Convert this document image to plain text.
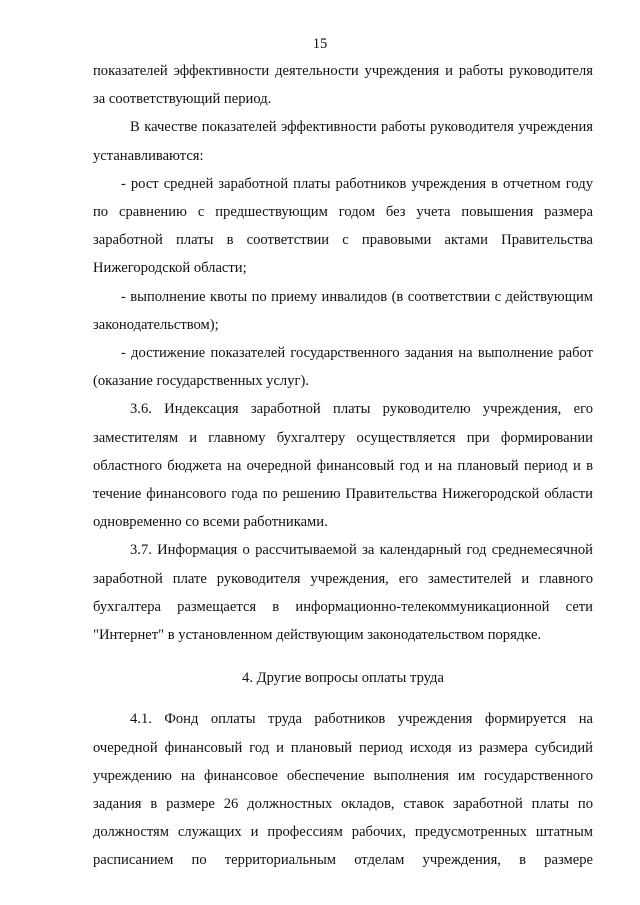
15

показателей эффективности деятельности учреждения и работы руководителя за соответствующий период.

В качестве показателей эффективности работы руководителя учреждения устанавливаются:

- рост средней заработной платы работников учреждения в отчетном году по сравнению с предшествующим годом без учета повышения размера заработной платы в соответствии с правовыми актами Правительства Нижегородской области;

- выполнение квоты по приему инвалидов (в соответствии с действующим законодательством);

- достижение показателей государственного задания на выполнение работ (оказание государственных услуг).

3.6. Индексация заработной платы руководителю учреждения, его заместителям и главному бухгалтеру осуществляется при формировании областного бюджета на очередной финансовый год и на плановый период и в течение финансового года по решению Правительства Нижегородской области одновременно со всеми работниками.

3.7. Информация о рассчитываемой за календарный год среднемесячной заработной плате руководителя учреждения, его заместителей и главного бухгалтера размещается в информационно-телекоммуникационной сети "Интернет" в установленном действующим законодательством порядке.

4. Другие вопросы оплаты труда

4.1. Фонд оплаты труда работников учреждения формируется на очередной финансовый год и плановый период исходя из размера субсидий учреждению на финансовое обеспечение выполнения им государственного задания в размере 26 должностных окладов, ставок заработной платы по должностям служащих и профессиям рабочих, предусмотренных штатным расписанием по территориальным отделам учреждения, в размере
